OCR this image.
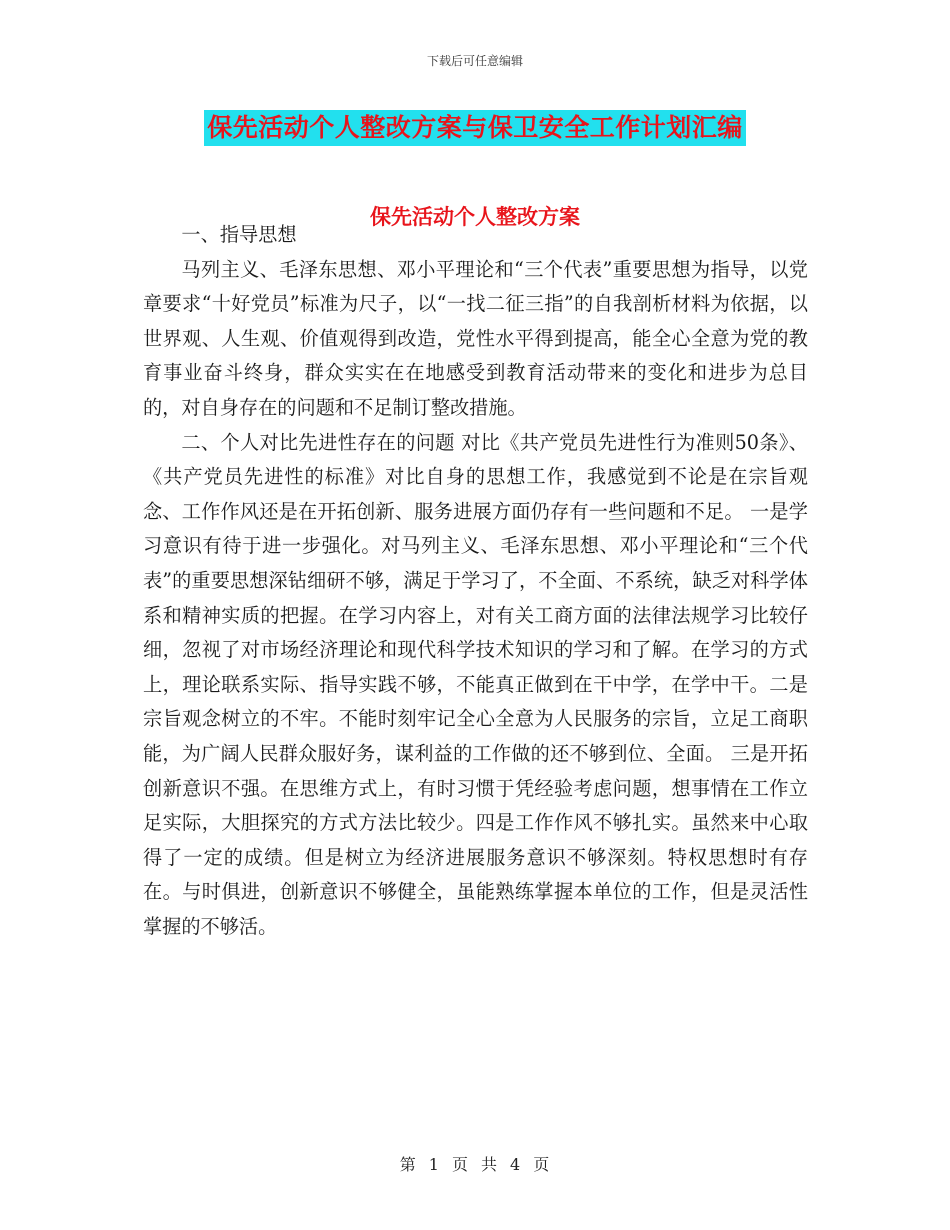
下载后可任意编辑
保先活动个人整改方案与保卫安全工作计划汇编
保先活动个人整改方案

一、指导思想

马列主义、毛泽东思想、邓小平理论和“三个代表”重要思想为指导，以党章要求“十好党员”标准为尺子，以“一找二征三指”的自我剖析材料为依据，以世界观、人生观、价值观得到改造，党性水平得到提高，能全心全意为党的教育事业奋斗终身，群众实实在在地感受到教育活动带来的变化和进步为总目的，对自身存在的问题和不足制订整改措施。

二、个人对比先进性存在的问题 对比《共产党员先进性行为准则50条》、《共产党员先进性的标准》对比自身的思想工作，我感觉到不论是在宗旨观念、工作作风还是在开拓创新、服务进展方面仍存有一些问题和不足。 一是学习意识有待于进一步强化。对马列主义、毛泽东思想、邓小平理论和“三个代表”的重要思想深钻细研不够，满足于学习了，不全面、不系统，缺乏对科学体系和精神实质的把握。在学习内容上，对有关工商方面的法律法规学习比较仔细，忽视了对市场经济理论和现代科学技术知识的学习和了解。在学习的方式上，理论联系实际、指导实践不够，不能真正做到在干中学，在学中干。二是宗旨观念树立的不牢。不能时刻牢记全心全意为人民服务的宗旨，立足工商职能，为广阔人民群众服好务，谋利益的工作做的还不够到位、全面。 三是开拓创新意识不强。在思维方式上，有时习惯于凭经验考虑问题，想事情在工作立足实际，大胆探究的方式方法比较少。四是工作作风不够扎实。虽然来中心取得了一定的成绩。但是树立为经济进展服务意识不够深刻。特权思想时有存在。与时俱进，创新意识不够健全，虽能熟练掌握本单位的工作，但是灵活性掌握的不够活。

第 1 页 共 4 页
